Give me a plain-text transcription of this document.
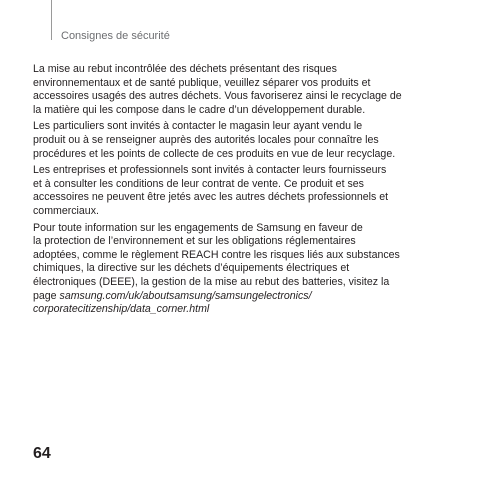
Consignes de sécurité

La mise au rebut incontrôlée des déchets présentant des risques
environnementaux et de santé publique, veuillez séparer vos produits et
accessoires usagés des autres déchets. Vous favoriserez ainsi le recyclage de
la matière qui les compose dans le cadre d’un développement durable.

Les particuliers sont invités à contacter le magasin leur ayant vendu le
produit ou à se renseigner auprès des autorités locales pour connaître les
procédures et les points de collecte de ces produits en vue de leur recyclage.

Les entreprises et professionnels sont invités à contacter leurs fournisseurs
et à consulter les conditions de leur contrat de vente. Ce produit et ses
accessoires ne peuvent être jetés avec les autres déchets professionnels et
commerciaux.

Pour toute information sur les engagements de Samsung en faveur de
la protection de l’environnement et sur les obligations réglementaires
adoptées, comme le règlement REACH contre les risques liés aux substances
chimiques, la directive sur les déchets d’équipements électriques et
électroniques (DEEE), la gestion de la mise au rebut des batteries, visitez la
page samsung.com/uk/aboutsamsung/samsungelectronics/
corporatecitizenship/data_corner.html

64
